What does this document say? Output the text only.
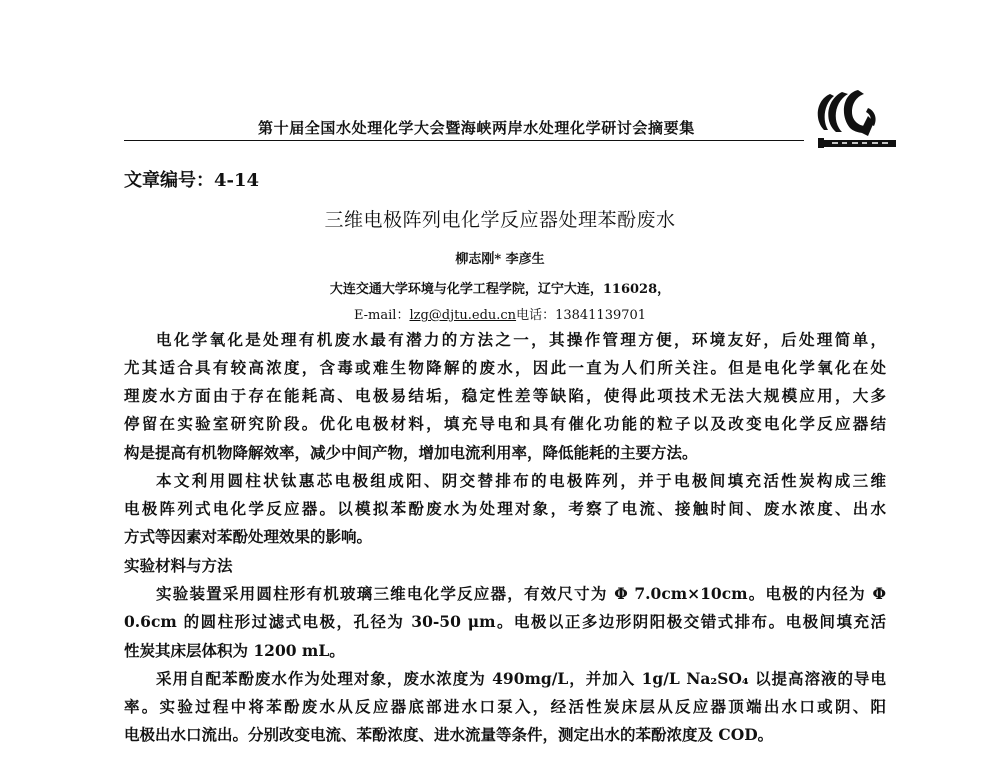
第十届全国水处理化学大会暨海峡两岸水处理化学研讨会摘要集
文章编号：4-14
三维电极阵列电化学反应器处理苯酚废水
柳志刚* 李彦生
大连交通大学环境与化学工程学院，辽宁大连，116028，
E-mail：lzg@djtu.edu.cn电话：13841139701
电化学氧化是处理有机废水最有潜力的方法之一，其操作管理方便，环境友好，后处理简单，
尤其适合具有较高浓度，含毒或难生物降解的废水，因此一直为人们所关注。但是电化学氧化在处
理废水方面由于存在能耗高、电极易结垢，稳定性差等缺陷，使得此项技术无法大规模应用，大多
停留在实验室研究阶段。优化电极材料，填充导电和具有催化功能的粒子以及改变电化学反应器结
构是提高有机物降解效率，减少中间产物，增加电流利用率，降低能耗的主要方法。
本文利用圆柱状钛惠芯电极组成阳、阴交替排布的电极阵列，并于电极间填充活性炭构成三维
电极阵列式电化学反应器。以模拟苯酚废水为处理对象，考察了电流、接触时间、废水浓度、出水
方式等因素对苯酚处理效果的影响。
实验材料与方法
实验装置采用圆柱形有机玻璃三维电化学反应器，有效尺寸为 Φ 7.0cm×10cm。电极的内径为 Φ
0.6cm 的圆柱形过滤式电极，孔径为 30-50 μm。电极以正多边形阴阳极交错式排布。电极间填充活
性炭其床层体积为 1200 mL。
采用自配苯酚废水作为处理对象，废水浓度为 490mg/L，并加入 1g/L Na₂SO₄ 以提高溶液的导电
率。实验过程中将苯酚废水从反应器底部进水口泵入，经活性炭床层从反应器顶端出水口或阴、阳
电极出水口流出。分别改变电流、苯酚浓度、进水流量等条件，测定出水的苯酚浓度及 COD。
